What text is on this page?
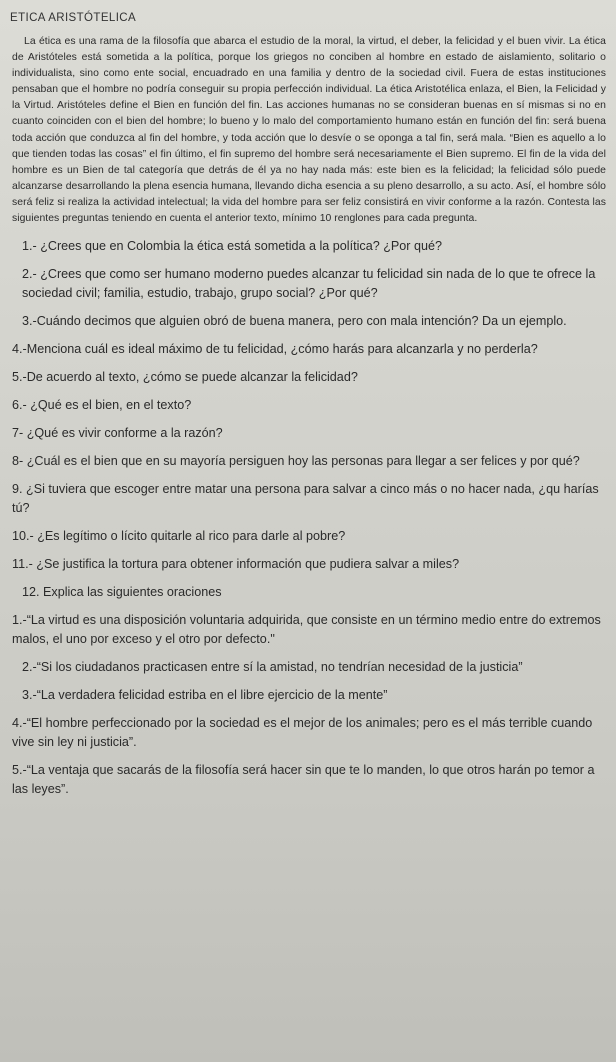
ETICA ARISTÓTELICA

La ética es una rama de la filosofía que abarca el estudio de la moral, la virtud, el deber, la felicidad y el buen vivir. La ética de Aristóteles está sometida a la política, porque los griegos no conciben al hombre en estado de aislamiento, solitario o individualista, sino como ente social, encuadrado en una familia y dentro de la sociedad civil. Fuera de estas instituciones pensaban que el hombre no podría conseguir su propia perfección individual. La ética Aristotélica enlaza, el Bien, la Felicidad y la Virtud. Aristóteles define el Bien en función del fin. Las acciones humanas no se consideran buenas en sí mismas si no en cuanto coinciden con el bien del hombre; lo bueno y lo malo del comportamiento humano están en función del fin: será buena toda acción que conduzca al fin del hombre, y toda acción que lo desvíe o se oponga a tal fin, será mala. “Bien es aquello a lo que tienden todas las cosas” el fin último, el fin supremo del hombre será necesariamente el Bien supremo. El fin de la vida del hombre es un Bien de tal categoría que detrás de él ya no hay nada más: este bien es la felicidad; la felicidad sólo puede alcanzarse desarrollando la plena esencia humana, llevando dicha esencia a su pleno desarrollo, a su acto. Así, el hombre sólo será feliz si realiza la actividad intelectual; la vida del hombre para ser feliz consistirá en vivir conforme a la razón. Contesta las siguientes preguntas teniendo en cuenta el anterior texto, mínimo 10 renglones para cada pregunta.

1.- ¿Crees que en Colombia la ética está sometida a la política? ¿Por qué?
2.- ¿Crees que como ser humano moderno puedes alcanzar tu felicidad sin nada de lo que te ofrece la sociedad civil; familia, estudio, trabajo, grupo social? ¿Por qué?
3.-Cuándo decimos que alguien obró de buena manera, pero con mala intención? Da un ejemplo.
4.-Menciona cuál es ideal máximo de tu felicidad, ¿cómo harás para alcanzarla y no perderla?
5.-De acuerdo al texto, ¿cómo se puede alcanzar la felicidad?
6.- ¿Qué es el bien, en el texto?
7- ¿Qué es vivir conforme a la razón?
8- ¿Cuál es el bien que en su mayoría persiguen hoy las personas para llegar a ser felices y por qué?
9. ¿Si tuviera que escoger entre matar una persona para salvar a cinco más o no hacer nada, ¿qu harías tú?
10.- ¿Es legítimo o lícito quitarle al rico para darle al pobre?
11.- ¿Se justifica la tortura para obtener información que pudiera salvar a miles?
12. Explica las siguientes oraciones
1.-“La virtud es una disposición voluntaria adquirida, que consiste en un término medio entre do extremos malos, el uno por exceso y el otro por defecto."
2.-“Si los ciudadanos practicasen entre sí la amistad, no tendrían necesidad de la justicia”
3.-“La verdadera felicidad estriba en el libre ejercicio de la mente”
4.-“El hombre perfeccionado por la sociedad es el mejor de los animales; pero es el más terrible cuando vive sin ley ni justicia”.
5.-“La ventaja que sacarás de la filosofía será hacer sin que te lo manden, lo que otros harán po temor a las leyes”.
